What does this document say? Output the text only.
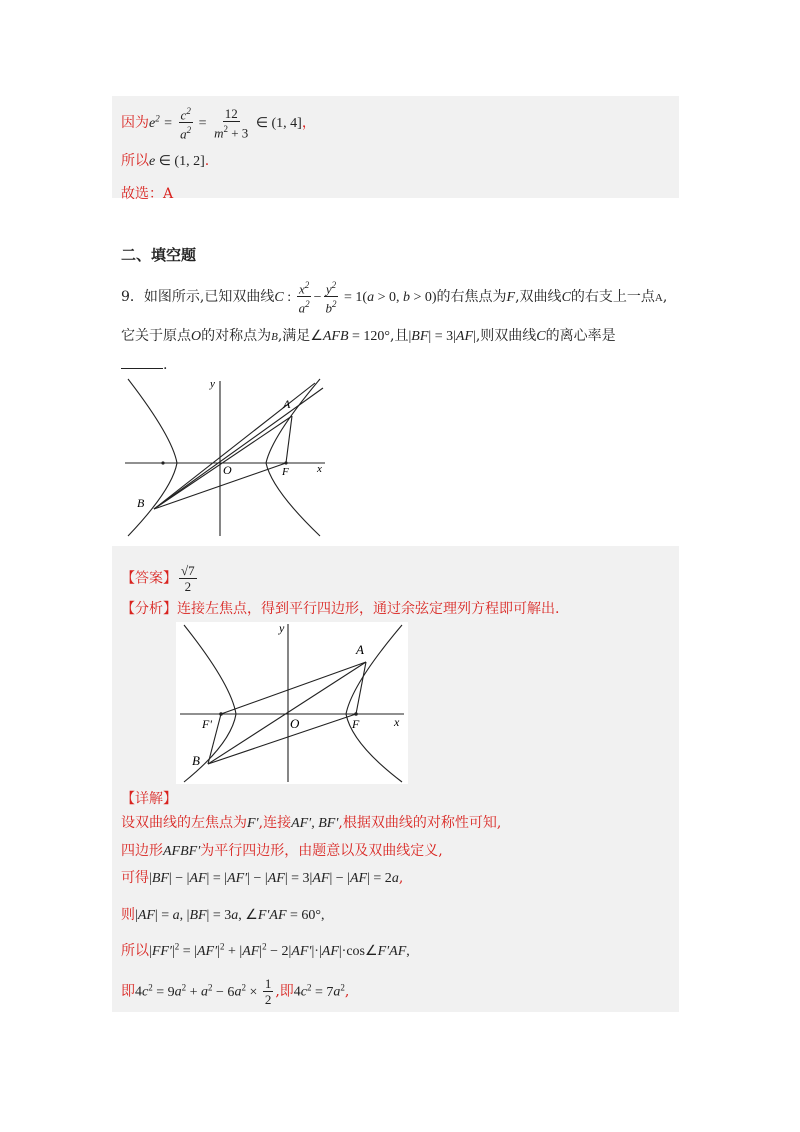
因为$e^2 = \frac{c^2}{a^2} = \frac{12}{m^2 + 3}$ ∈ (1, 4]，
所以e ∈ (1, 2].
故选：A
二、填空题
9．如图所示,已知双曲线C : $\frac{x^2}{a^2} - \frac{y^2}{b^2} = 1(a > 0$, b > 0)的右焦点为F,双曲线C的右支上一点A,
它关于原点O的对称点为B,满足∠AFB = 120°,且|BF| = 3|AF|,则双曲线C的离心率是
.
y
x
A
B
O	F
【答案】 $\frac{√7}{2}$
【分析】连接左焦点，得到平行四边形，通过余弦定理列方程即可解出.
y
x
A
B
O	F
F'
【详解】
设双曲线的左焦点为F′,连接AF′, BF′,根据双曲线的对称性可知,
四边形AFBF′为平行四边形，由题意以及双曲线定义,
可得|BF| − |AF| = |AF′| − |AF| = 3|AF| − |AF| = 2a,
则|AF| = a, |BF| = 3a, ∠F′AF = 60°,
所以$|FF'|^2 = |AF'|^2 + |AF|^2$ − 2|AF′|·|AF|·cos∠F′AF,
即$4c^2 = 9a^2 + a^2 - 6a^2 \times \frac{1}{2}$ ,即$4c^2 = 7a^2$,
